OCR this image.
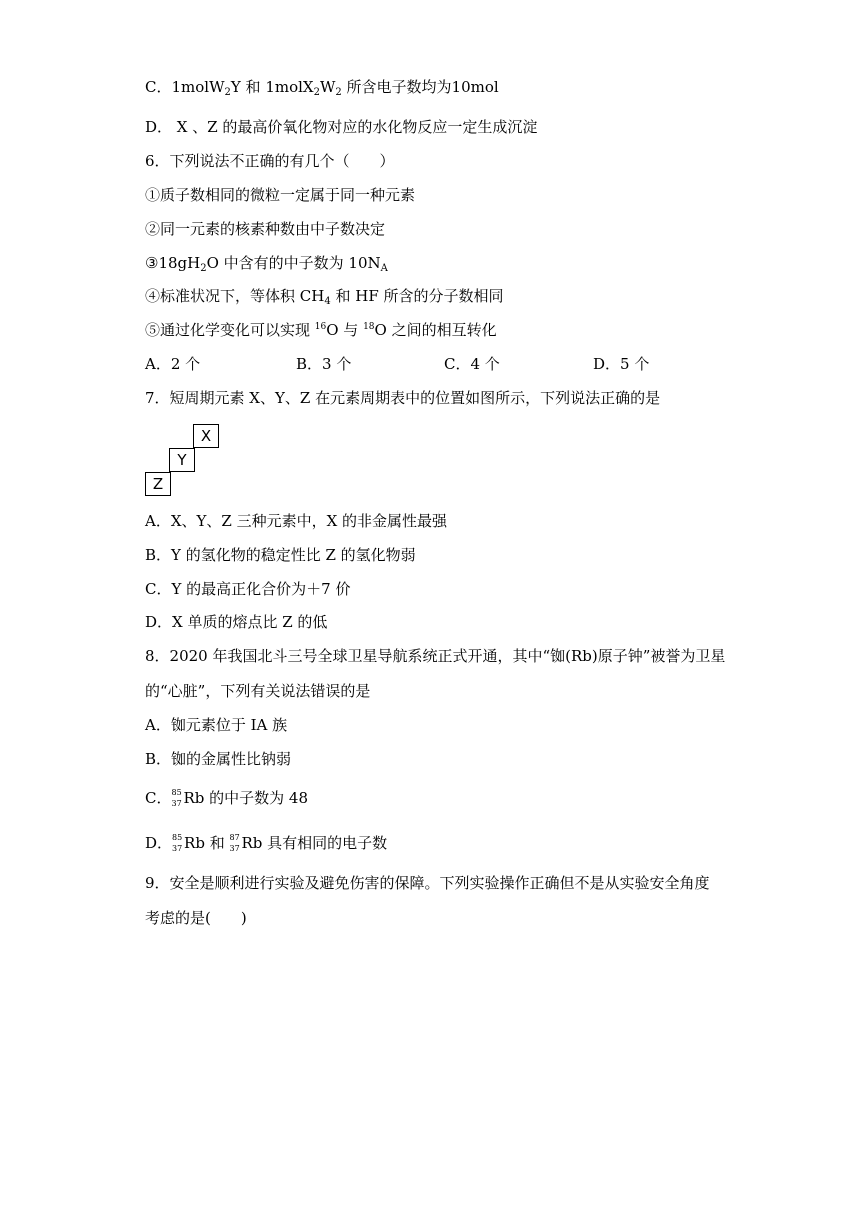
C．1molW$_2$Y 和 $1molX_2W_2$ 所含电子数均为10mol
D． X 、Z 的最高价氧化物对应的水化物反应一定生成沉淀
6．下列说法不正确的有几个（　　）
①质子数相同的微粒一定属于同一种元素
②同一元素的核素种数由中子数决定
$③18gH_2O$ 中含有的中子数为 $10N_A$
④标准状况下，等体积 $CH_4$ 和 HF 所含的分子数相同
⑤通过化学变化可以实现 $^{16}$O 与 $^{18}$O 之间的相互转化
A．2 个	B．3 个	C．4 个	D．5 个
7．短周期元素 X、Y、Z 在元素周期表中的位置如图所示，下列说法正确的是
X
Y
Z
A．X、Y、Z 三种元素中，X 的非金属性最强
B．Y 的氢化物的稳定性比 Z 的氢化物弱
C．Y 的最高正化合价为＋7 价
D．X 单质的熔点比 Z 的低
8．2020 年我国北斗三号全球卫星导航系统正式开通，其中“铷(Rb)原子钟”被誉为卫星
的“心脏”，下列有关说法错误的是
A．铷元素位于 IA 族
B．铷的金属性比钠弱
C． 85
37 Rb 的中子数为 48
D． 85
37 Rb 和 87
37 Rb 具有相同的电子数
9．安全是顺利进行实验及避免伤害的保障。下列实验操作正确但不是从实验安全角度
考虑的是(　　)
